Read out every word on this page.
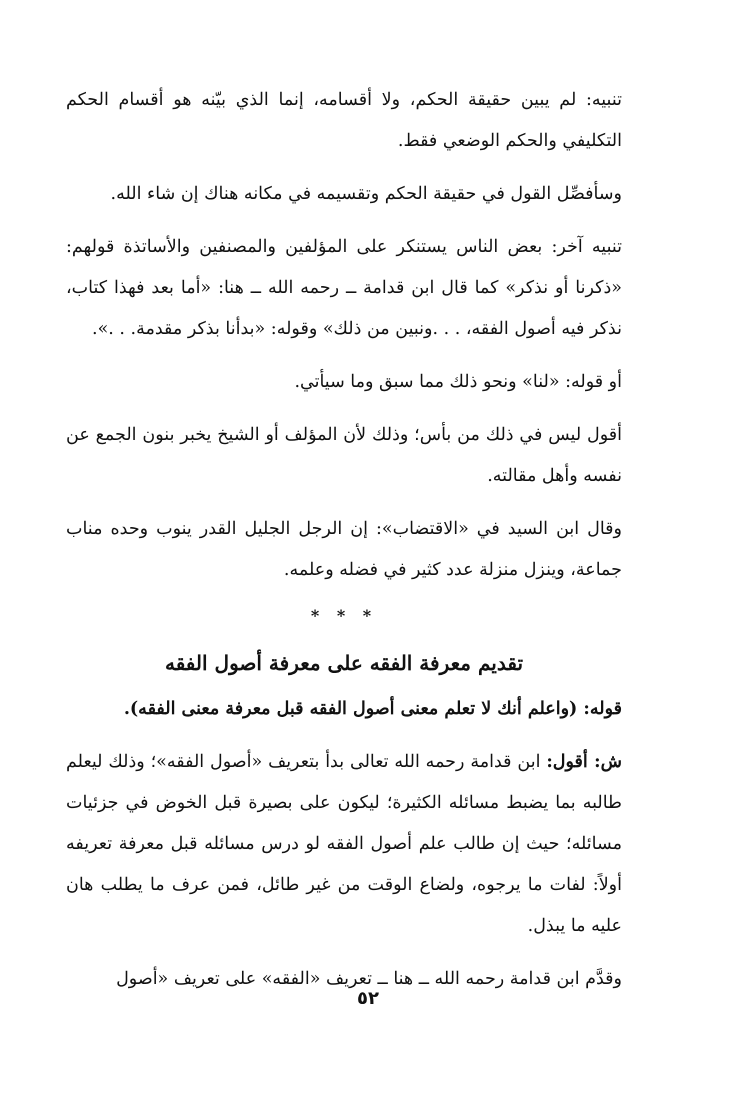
تنبيه: لم يبين حقيقة الحكم، ولا أقسامه، إنما الذي بيّنه هو أقسام الحكم التكليفي والحكم الوضعي فقط.

وسأفصِّل القول في حقيقة الحكم وتقسيمه في مكانه هناك إن شاء الله.

تنبيه آخر: بعض الناس يستنكر على المؤلفين والمصنفين والأساتذة قولهم: «ذكرنا أو نذكر» كما قال ابن قدامة ــ رحمه الله ــ هنا: «أما بعد فهذا كتاب، نذكر فيه أصول الفقه، . . .ونبين من ذلك» وقوله: «بدأنا بذكر مقدمة. . .».

أو قوله: «لنا» ونحو ذلك مما سبق وما سيأتي.

أقول ليس في ذلك من بأس؛ وذلك لأن المؤلف أو الشيخ يخبر بنون الجمع عن نفسه وأهل مقالته.

وقال ابن السيد في «الاقتضاب»: إن الرجل الجليل القدر ينوب وحده مناب جماعة، وينزل منزلة عدد كثير في فضله وعلمه.

* * *
تقديم معرفة الفقه على معرفة أصول الفقه

قوله: (واعلم أنك لا تعلم معنى أصول الفقه قبل معرفة معنى الفقه).

ش: أقول: ابن قدامة رحمه الله تعالى بدأ بتعريف «أصول الفقه»؛ وذلك ليعلم طالبه بما يضبط مسائله الكثيرة؛ ليكون على بصيرة قبل الخوض في جزئيات مسائله؛ حيث إن طالب علم أصول الفقه لو درس مسائله قبل معرفة تعريفه أولاً: لفات ما يرجوه، ولضاع الوقت من غير طائل، فمن عرف ما يطلب هان عليه ما يبذل.

وقدَّم ابن قدامة رحمه الله ــ هنا ــ تعريف «الفقه» على تعريف «أصول

٥٢
